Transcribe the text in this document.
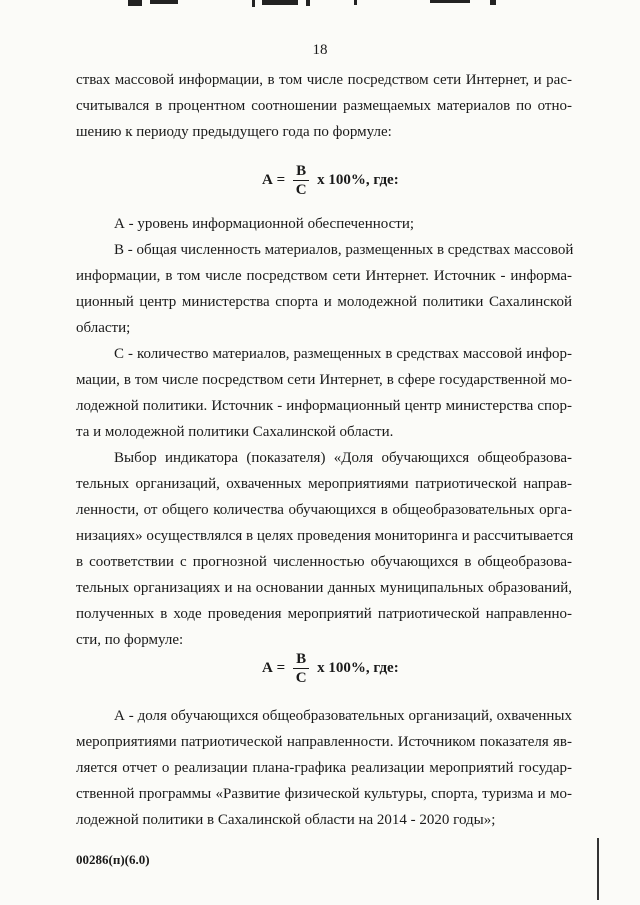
18
ствах массовой информации, в том числе посредством сети Интернет, и рас-
считывался в процентном соотношении размещаемых материалов по отно-
шению к периоду предыдущего года по формуле:
$А = \frac{В}{С}$ x 100%, где:
А - уровень информационной обеспеченности;
В - общая численность материалов, размещенных в средствах массовой
информации, в том числе посредством сети Интернет. Источник - информа-
ционный центр министерства спорта и молодежной политики Сахалинской
области;
С - количество материалов, размещенных в средствах массовой инфор-
мации, в том числе посредством сети Интернет, в сфере государственной мо-
лодежной политики. Источник - информационный центр министерства спор-
та и молодежной политики Сахалинской области.
Выбор индикатора (показателя) «Доля обучающихся общеобразова-
тельных организаций, охваченных мероприятиями патриотической направ-
ленности, от общего количества обучающихся в общеобразовательных орга-
низациях» осуществлялся в целях проведения мониторинга и рассчитывается
в соответствии с прогнозной численностью обучающихся в общеобразова-
тельных организациях и на основании данных муниципальных образований,
полученных в ходе проведения мероприятий патриотической направленно-
сти, по формуле:
$А = \frac{В}{С}$ x 100%, где:
А - доля обучающихся общеобразовательных организаций, охваченных
мероприятиями патриотической направленности. Источником показателя яв-
ляется отчет о реализации плана-графика реализации мероприятий государ-
ственной программы «Развитие физической культуры, спорта, туризма и мо-
лодежной политики в Сахалинской области на 2014 - 2020 годы»;
00286(п)(6.0)
